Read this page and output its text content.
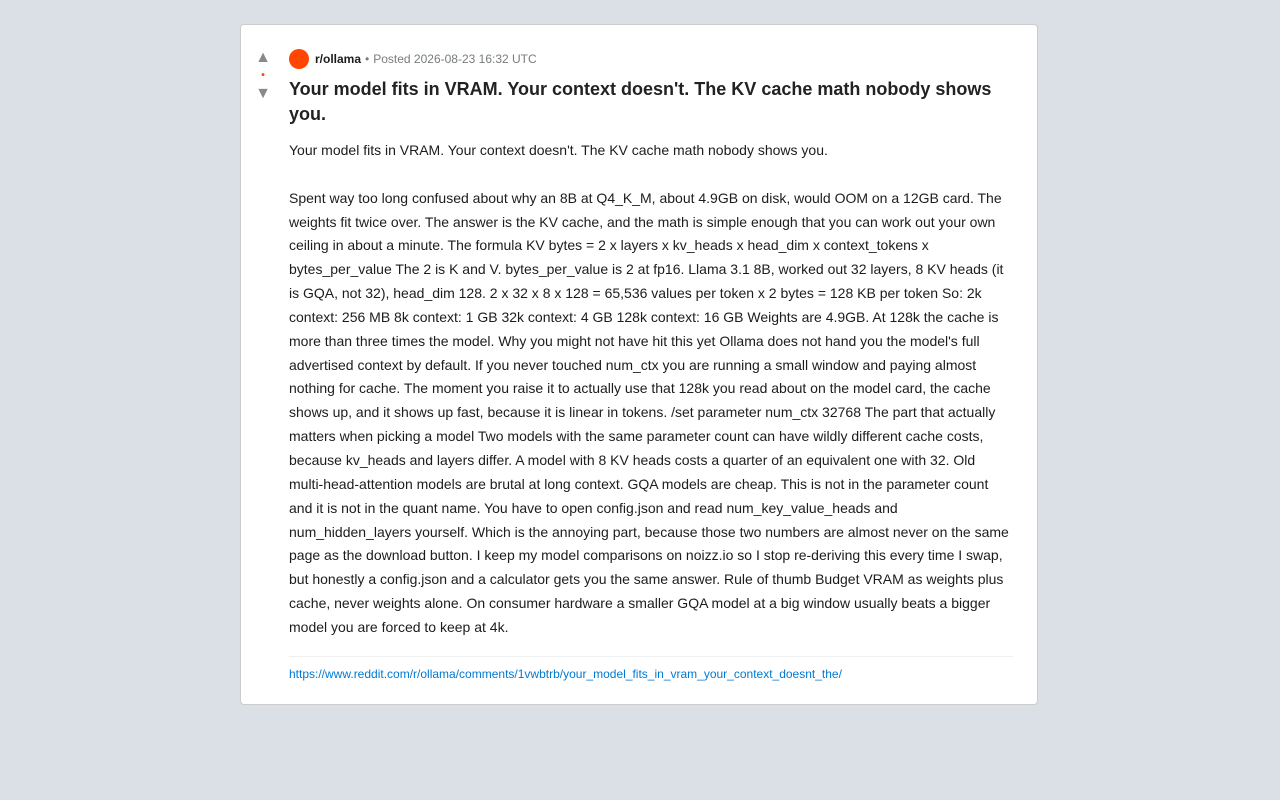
▲
•
▼
r/ollama • Posted 2026-08-23 16:32 UTC
Your model fits in VRAM. Your context doesn't. The KV cache math nobody shows you.

Your model fits in VRAM. Your context doesn't. The KV cache math nobody shows you.

Spent way too long confused about why an 8B at Q4_K_M, about 4.9GB on disk, would OOM on a 12GB card. The weights fit twice over. The answer is the KV cache, and the math is simple enough that you can work out your own ceiling in about a minute. The formula KV bytes = 2 x layers x kv_heads x head_dim x context_tokens x bytes_per_value The 2 is K and V. bytes_per_value is 2 at fp16. Llama 3.1 8B, worked out 32 layers, 8 KV heads (it is GQA, not 32), head_dim 128. 2 x 32 x 8 x 128 = 65,536 values per token x 2 bytes = 128 KB per token So: 2k context: 256 MB 8k context: 1 GB 32k context: 4 GB 128k context: 16 GB Weights are 4.9GB. At 128k the cache is more than three times the model. Why you might not have hit this yet Ollama does not hand you the model's full advertised context by default. If you never touched num_ctx you are running a small window and paying almost nothing for cache. The moment you raise it to actually use that 128k you read about on the model card, the cache shows up, and it shows up fast, because it is linear in tokens. /set parameter num_ctx 32768 The part that actually matters when picking a model Two models with the same parameter count can have wildly different cache costs, because kv_heads and layers differ. A model with 8 KV heads costs a quarter of an equivalent one with 32. Old multi-head-attention models are brutal at long context. GQA models are cheap. This is not in the parameter count and it is not in the quant name. You have to open config.json and read num_key_value_heads and num_hidden_layers yourself. Which is the annoying part, because those two numbers are almost never on the same page as the download button. I keep my model comparisons on noizz.io so I stop re-deriving this every time I swap, but honestly a config.json and a calculator gets you the same answer. Rule of thumb Budget VRAM as weights plus cache, never weights alone. On consumer hardware a smaller GQA model at a big window usually beats a bigger model you are forced to keep at 4k.

https://www.reddit.com/r/ollama/comments/1vwbtrb/your_model_fits_in_vram_your_context_doesnt_the/
